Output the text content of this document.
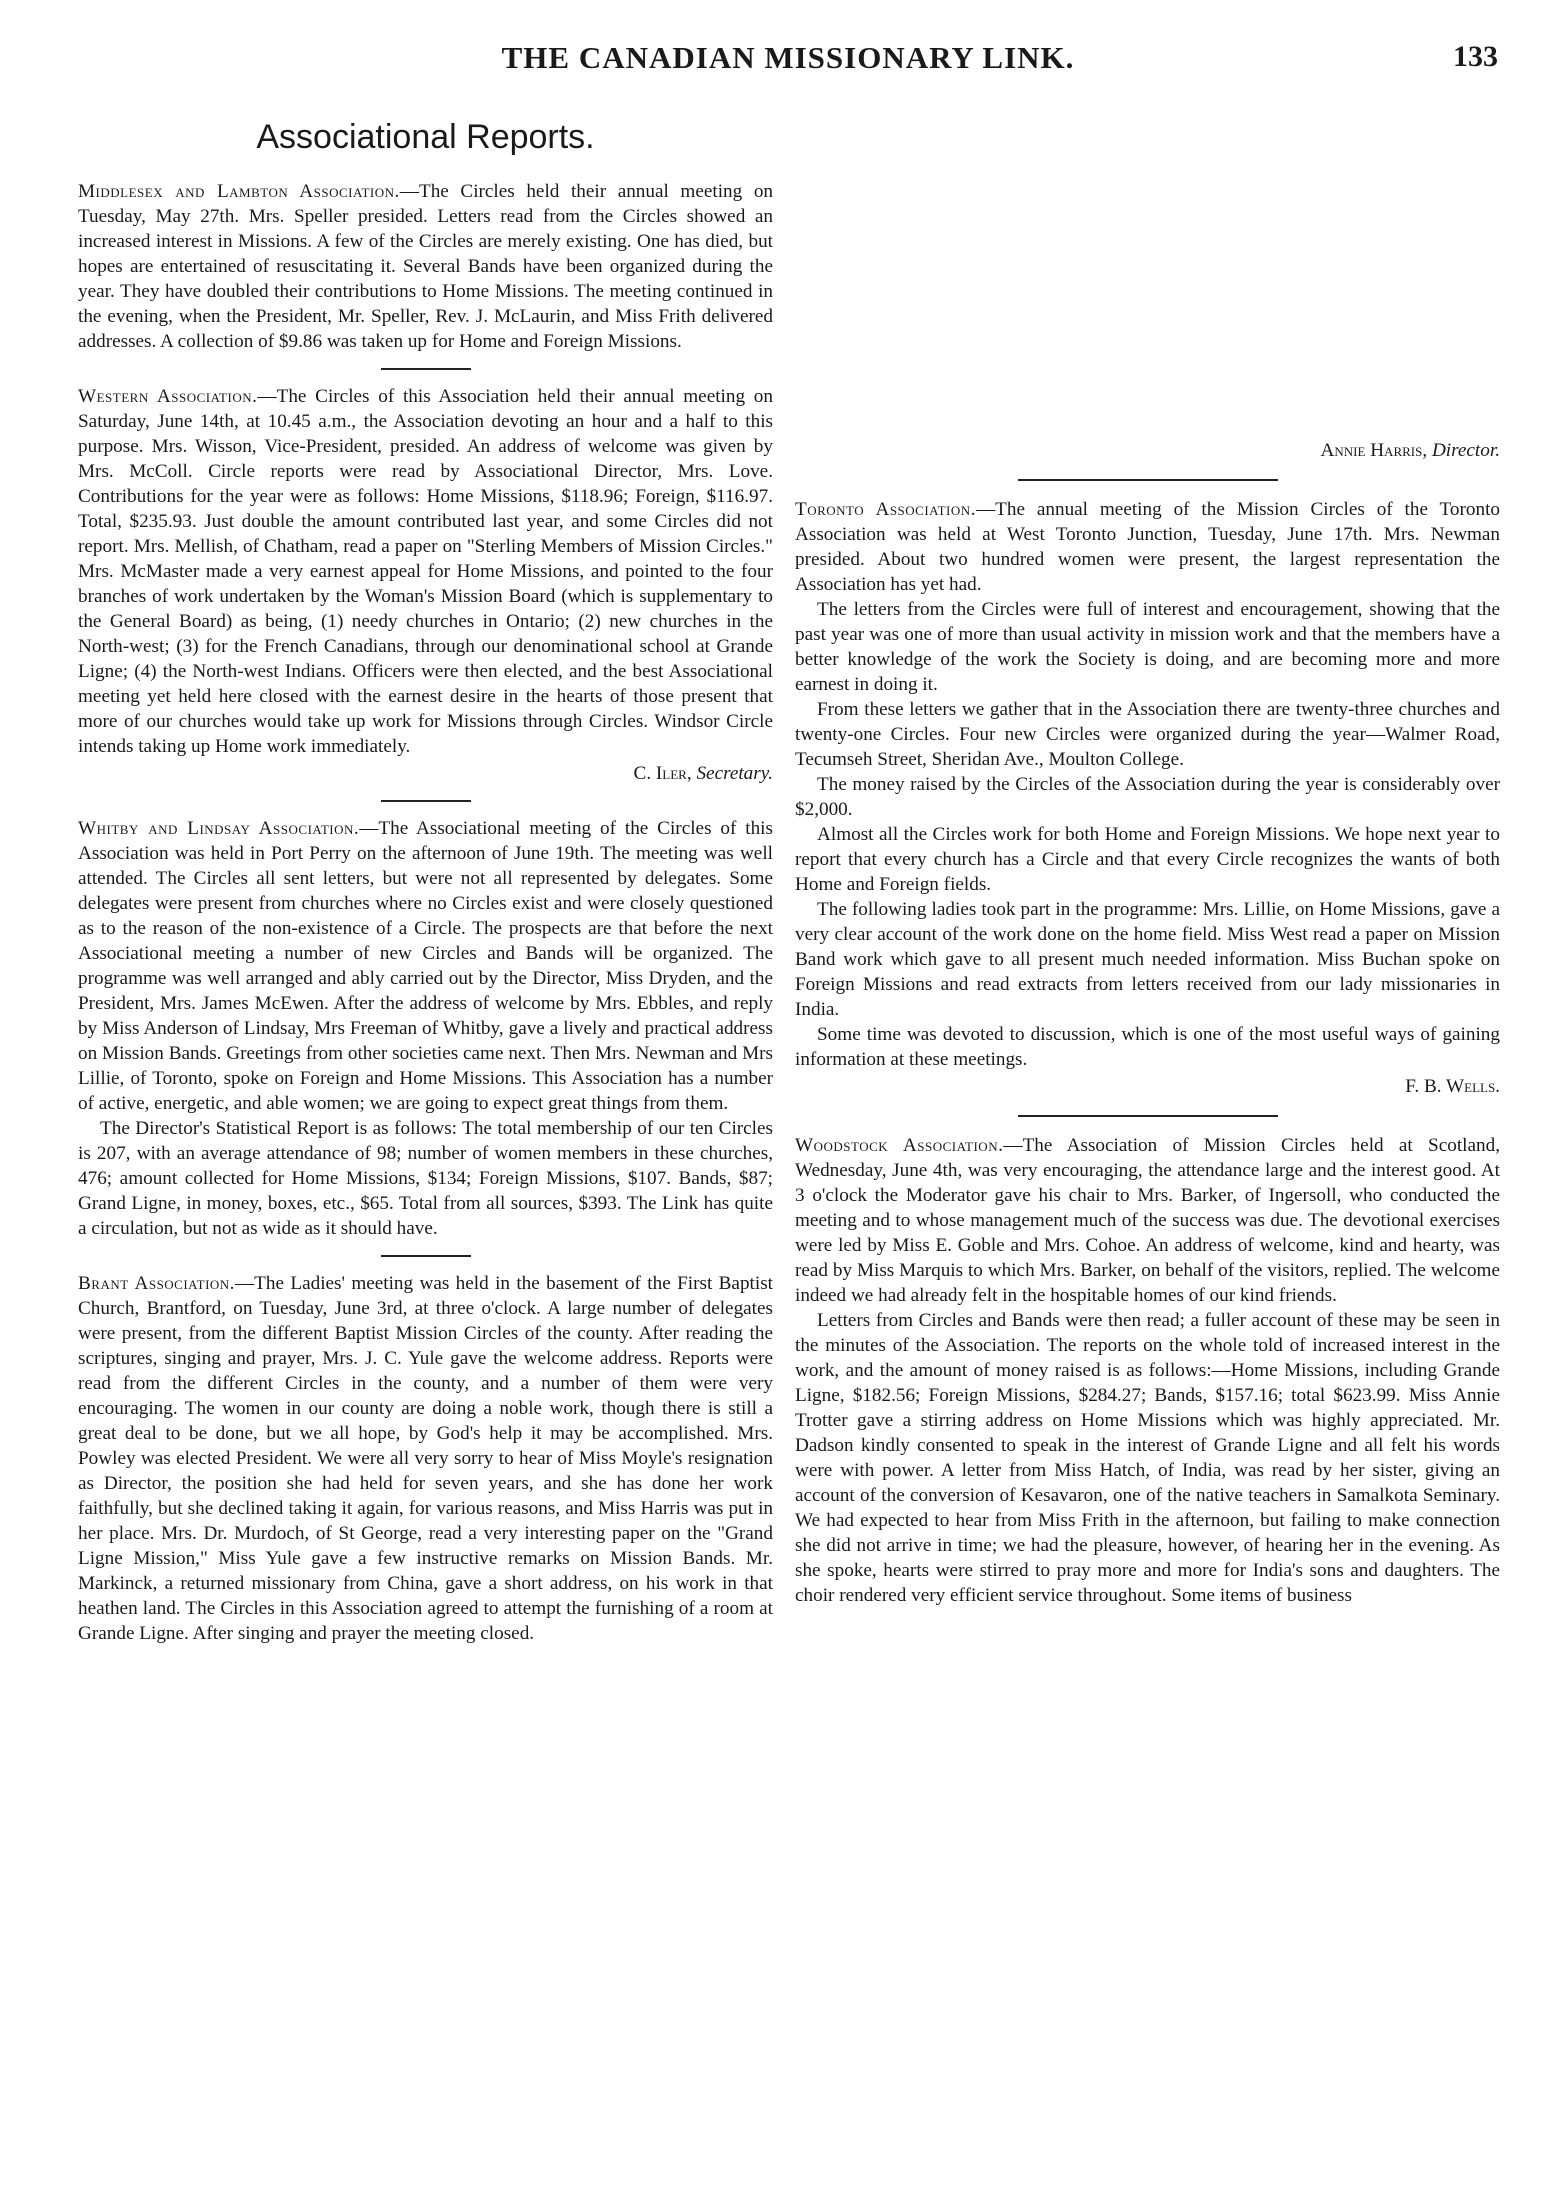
THE CANADIAN MISSIONARY LINK.	133
Associational Reports.

Middlesex and Lambton Association.—The Circles held their annual meeting on Tuesday, May 27th. Mrs. Speller presided. Letters read from the Circles showed an increased interest in Missions. A few of the Circles are merely existing. One has died, but hopes are entertained of resuscitating it. Several Bands have been organized during the year. They have doubled their contributions to Home Missions. The meeting continued in the evening, when the President, Mr. Speller, Rev. J. McLaurin, and Miss Frith delivered addresses. A collection of $9.86 was taken up for Home and Foreign Missions.

Western Association.—The Circles of this Association held their annual meeting on Saturday, June 14th, at 10.45 a.m., the Association devoting an hour and a half to this purpose. Mrs. Wisson, Vice-President, presided. An address of welcome was given by Mrs. McColl. Circle reports were read by Associational Director, Mrs. Love. Contributions for the year were as follows: Home Missions, $118.96; Foreign, $116.97. Total, $235.93. Just double the amount contributed last year, and some Circles did not report. Mrs. Mellish, of Chatham, read a paper on "Sterling Members of Mission Circles." Mrs. McMaster made a very earnest appeal for Home Missions, and pointed to the four branches of work undertaken by the Woman's Mission Board (which is supplementary to the General Board) as being, (1) needy churches in Ontario; (2) new churches in the North-west; (3) for the French Canadians, through our denominational school at Grande Ligne; (4) the North-west Indians. Officers were then elected, and the best Associational meeting yet held here closed with the earnest desire in the hearts of those present that more of our churches would take up work for Missions through Circles. Windsor Circle intends taking up Home work immediately.

C. Iler, Secretary.

Whitby and Lindsay Association.—The Associational meeting of the Circles of this Association was held in Port Perry on the afternoon of June 19th. The meeting was well attended. The Circles all sent letters, but were not all represented by delegates. Some delegates were present from churches where no Circles exist and were closely questioned as to the reason of the non-existence of a Circle. The prospects are that before the next Associational meeting a number of new Circles and Bands will be organized. The programme was well arranged and ably carried out by the Director, Miss Dryden, and the President, Mrs. James McEwen. After the address of welcome by Mrs. Ebbles, and reply by Miss Anderson of Lindsay, Mrs Freeman of Whitby, gave a lively and practical address on Mission Bands. Greetings from other societies came next. Then Mrs. Newman and Mrs Lillie, of Toronto, spoke on Foreign and Home Missions. This Association has a number of active, energetic, and able women; we are going to expect great things from them.

The Director's Statistical Report is as follows: The total membership of our ten Circles is 207, with an average attendance of 98; number of women members in these churches, 476; amount collected for Home Missions, $134; Foreign Missions, $107. Bands, $87; Grand Ligne, in money, boxes, etc., $65. Total from all sources, $393. The Link has quite a circulation, but not as wide as it should have.

Brant Association.—The Ladies' meeting was held in the basement of the First Baptist Church, Brantford, on Tuesday, June 3rd, at three o'clock. A large number of delegates were present, from the different Baptist Mission Circles of the county. After reading the scriptures, singing and prayer, Mrs. J. C. Yule gave the welcome address. Reports were read from the different Circles in the county, and a number of them were very encouraging. The women in our county are doing a noble work, though there is still a great deal to be done, but we all hope, by God's help it may be accomplished. Mrs. Powley was elected President. We were all very sorry to hear of Miss Moyle's resignation as Director, the position she had held for seven years, and she has done her work faithfully, but she declined taking it again, for various reasons, and Miss Harris was put in her place. Mrs. Dr. Murdoch, of St George, read a very interesting paper on the "Grand Ligne Mission," Miss Yule gave a few instructive remarks on Mission Bands. Mr. Markinck, a returned missionary from China, gave a short address, on his work in that heathen land. The Circles in this Association agreed to attempt the furnishing of a room at Grande Ligne. After singing and prayer the meeting closed.

Annie Harris, Director.

Toronto Association.—The annual meeting of the Mission Circles of the Toronto Association was held at West Toronto Junction, Tuesday, June 17th. Mrs. Newman presided. About two hundred women were present, the largest representation the Association has yet had.

The letters from the Circles were full of interest and encouragement, showing that the past year was one of more than usual activity in mission work and that the members have a better knowledge of the work the Society is doing, and are becoming more and more earnest in doing it.

From these letters we gather that in the Association there are twenty-three churches and twenty-one Circles. Four new Circles were organized during the year—Walmer Road, Tecumseh Street, Sheridan Ave., Moulton College.

The money raised by the Circles of the Association during the year is considerably over $2,000.

Almost all the Circles work for both Home and Foreign Missions. We hope next year to report that every church has a Circle and that every Circle recognizes the wants of both Home and Foreign fields.

The following ladies took part in the programme: Mrs. Lillie, on Home Missions, gave a very clear account of the work done on the home field. Miss West read a paper on Mission Band work which gave to all present much needed information. Miss Buchan spoke on Foreign Missions and read extracts from letters received from our lady missionaries in India.

Some time was devoted to discussion, which is one of the most useful ways of gaining information at these meetings.

F. B. Wells.

Woodstock Association.—The Association of Mission Circles held at Scotland, Wednesday, June 4th, was very encouraging, the attendance large and the interest good. At 3 o'clock the Moderator gave his chair to Mrs. Barker, of Ingersoll, who conducted the meeting and to whose management much of the success was due. The devotional exercises were led by Miss E. Goble and Mrs. Cohoe. An address of welcome, kind and hearty, was read by Miss Marquis to which Mrs. Barker, on behalf of the visitors, replied. The welcome indeed we had already felt in the hospitable homes of our kind friends.

Letters from Circles and Bands were then read; a fuller account of these may be seen in the minutes of the Association. The reports on the whole told of increased interest in the work, and the amount of money raised is as follows:—Home Missions, including Grande Ligne, $182.56; Foreign Missions, $284.27; Bands, $157.16; total $623.99. Miss Annie Trotter gave a stirring address on Home Missions which was highly appreciated. Mr. Dadson kindly consented to speak in the interest of Grande Ligne and all felt his words were with power. A letter from Miss Hatch, of India, was read by her sister, giving an account of the conversion of Kesavaron, one of the native teachers in Samalkota Seminary. We had expected to hear from Miss Frith in the afternoon, but failing to make connection she did not arrive in time; we had the pleasure, however, of hearing her in the evening. As she spoke, hearts were stirred to pray more and more for India's sons and daughters. The choir rendered very efficient service throughout. Some items of business
